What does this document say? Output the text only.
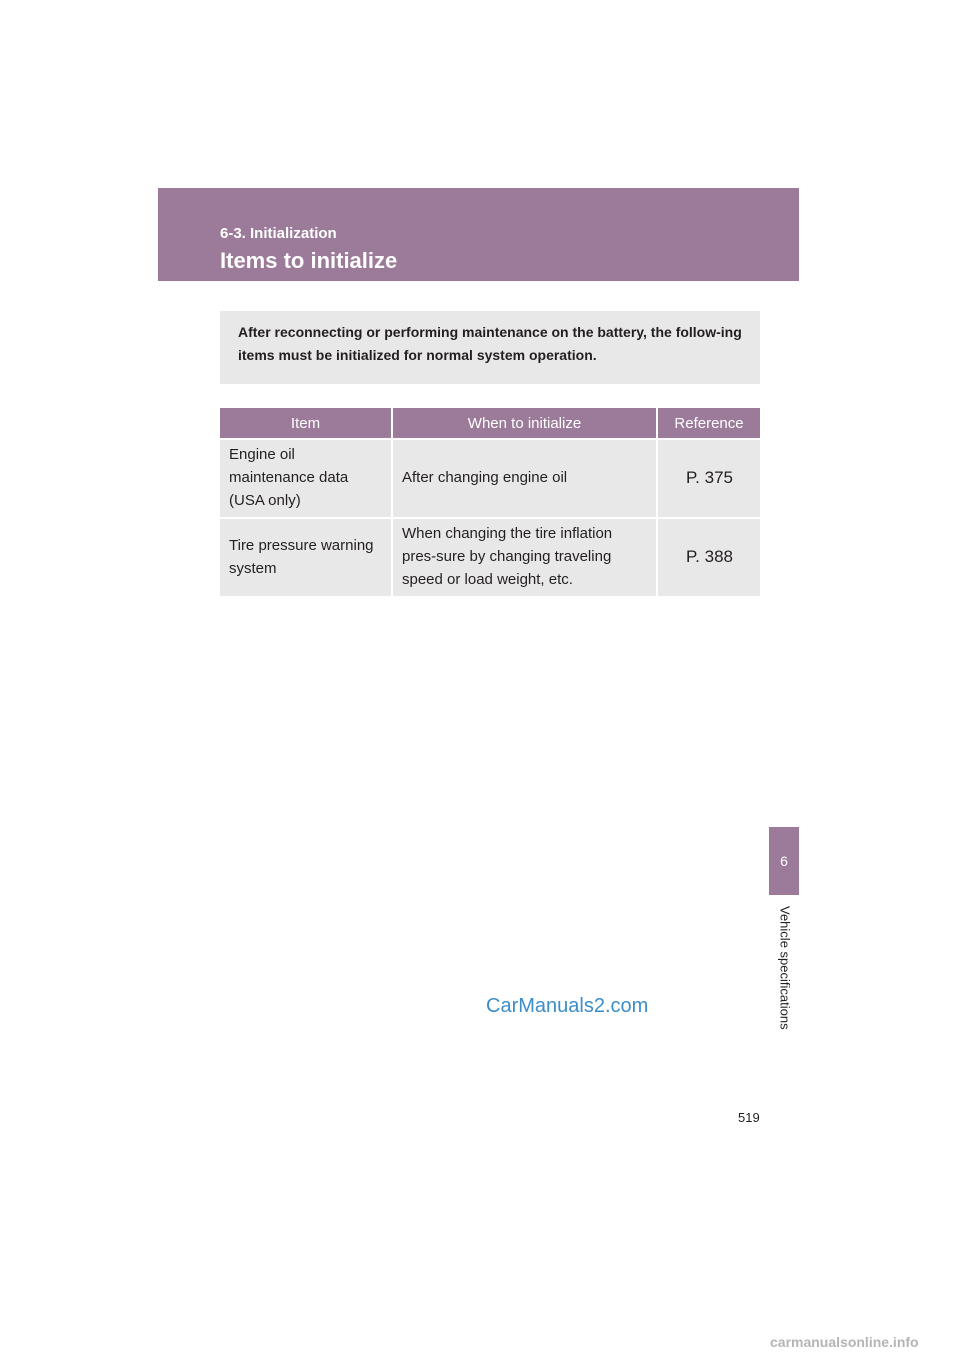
6-3. Initialization
Items to initialize
After reconnecting or performing maintenance on the battery, the follow-ing items must be initialized for normal system operation.
Item	When to initialize	Reference
Engine oil maintenance data (USA only)	After changing engine oil	P. 375
Tire pressure warning system	When changing the tire inflation pres-sure by changing traveling speed or load weight, etc.	P. 388
6
Vehicle specifications
519
CarManuals2.com
carmanualsonline.info
